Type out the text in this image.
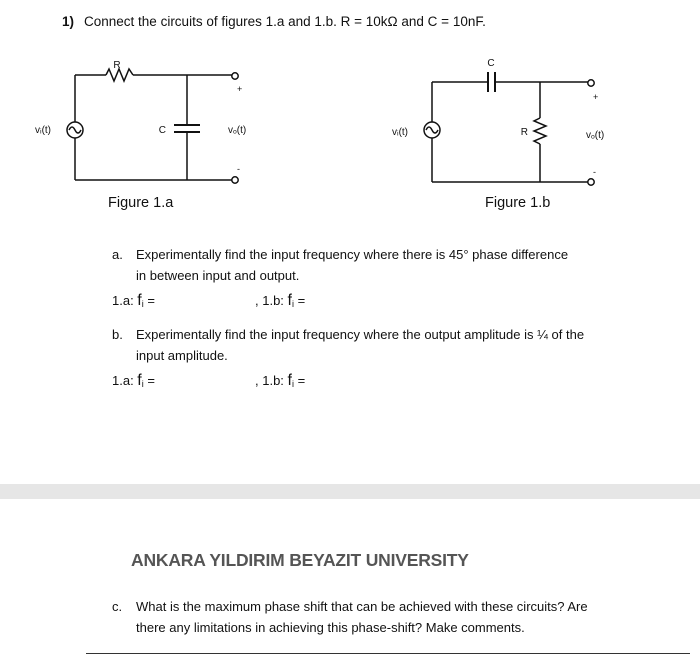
1) Connect the circuits of figures 1.a and 1.b. R = 10kΩ and C = 10nF.
R
C
vᵢ(t)	vₒ(t)
+
-
Figure 1.a
C
R
vᵢ(t)	vₒ(t)
+
-
Figure 1.b
a. Experimentally find the input frequency where there is 45° phase difference
in between input and output.
1.a: $f_i$ =	, 1.b: $f_i$ =
b. Experimentally find the input frequency where the output amplitude is ¼ of the
input amplitude.
1.a: $f_i$ =	, 1.b: $f_i$ =
ANKARA YILDIRIM BEYAZIT UNIVERSITY
c. What is the maximum phase shift that can be achieved with these circuits? Are
there any limitations in achieving this phase-shift? Make comments.
